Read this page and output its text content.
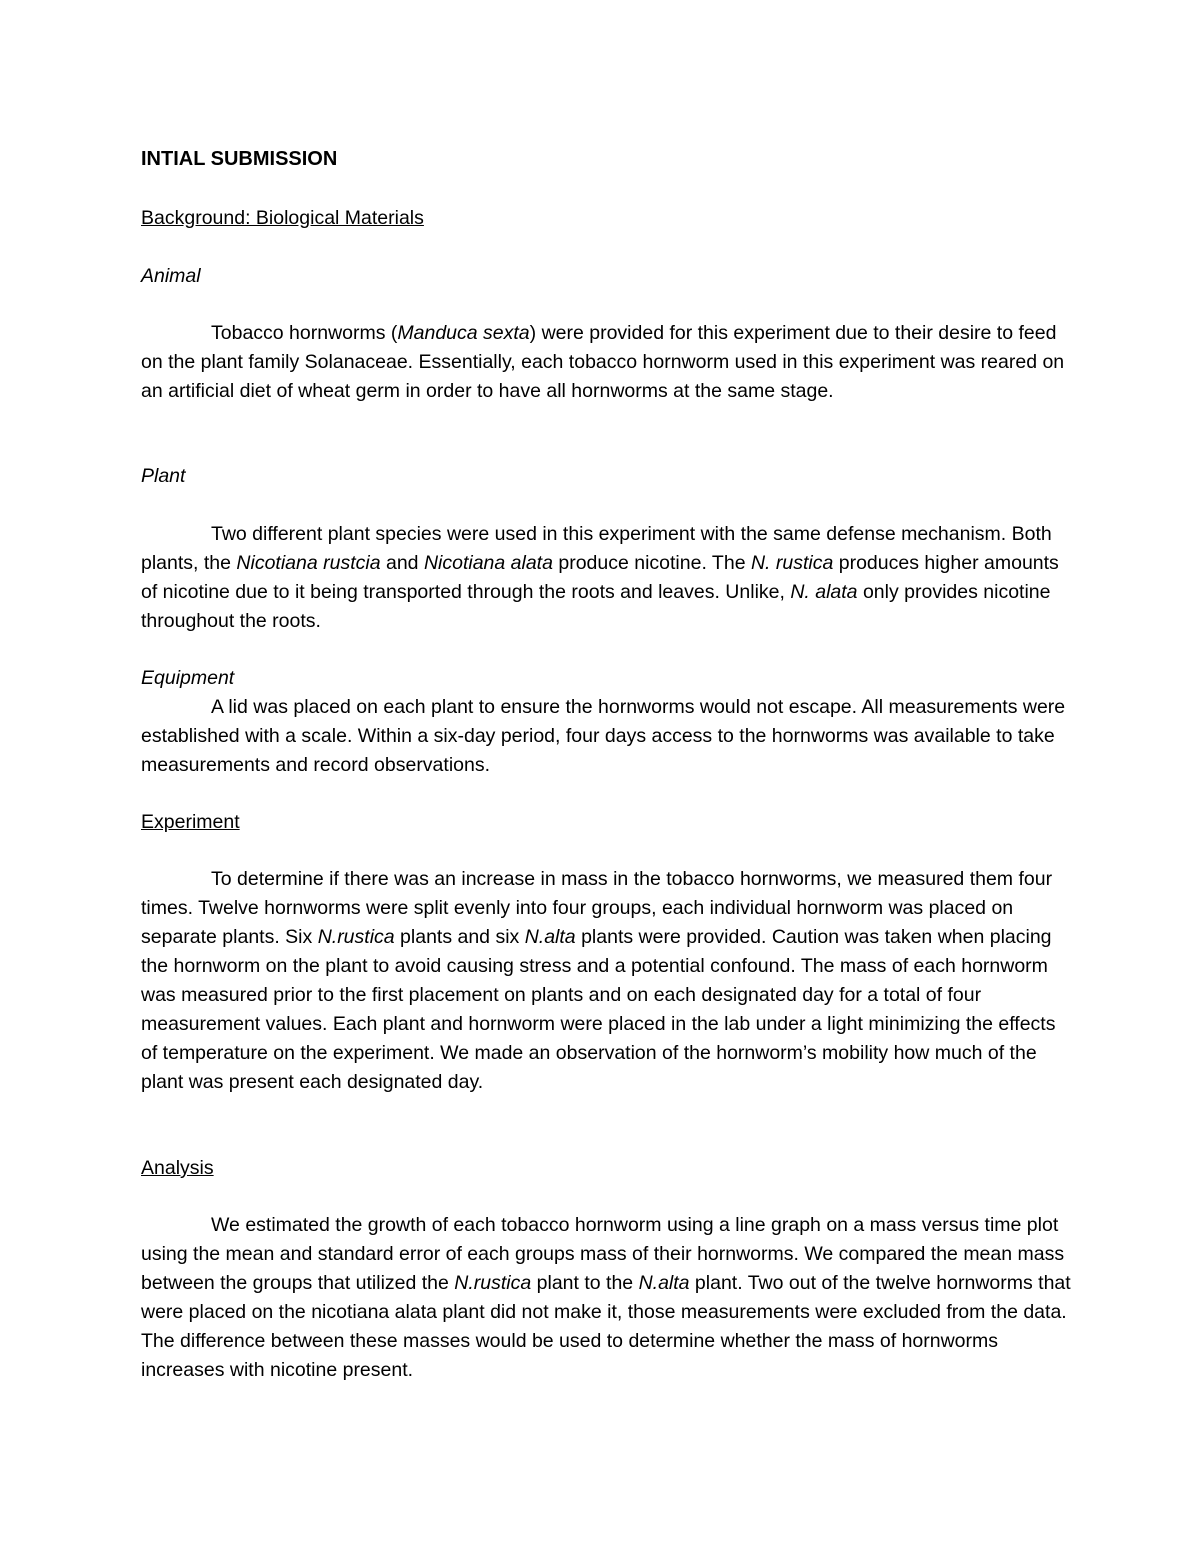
INTIAL SUBMISSION

Background: Biological Materials

Animal

Tobacco hornworms (Manduca sexta) were provided for this experiment due to their desire to feed on the plant family Solanaceae. Essentially, each tobacco hornworm used in this experiment was reared on an artificial diet of wheat germ in order to have all hornworms at the same stage.

Plant

Two different plant species were used in this experiment with the same defense mechanism. Both plants, the Nicotiana rustcia and Nicotiana alata produce nicotine. The N. rustica produces higher amounts of nicotine due to it being transported through the roots and leaves. Unlike, N. alata only provides nicotine throughout the roots.

Equipment

A lid was placed on each plant to ensure the hornworms would not escape. All measurements were established with a scale. Within a six-day period, four days access to the hornworms was available to take measurements and record observations.

Experiment

To determine if there was an increase in mass in the tobacco hornworms, we measured them four times. Twelve hornworms were split evenly into four groups, each individual hornworm was placed on separate plants. Six N.rustica plants and six N.alta plants were provided. Caution was taken when placing the hornworm on the plant to avoid causing stress and a potential confound. The mass of each hornworm was measured prior to the first placement on plants and on each designated day for a total of four measurement values. Each plant and hornworm were placed in the lab under a light minimizing the effects of temperature on the experiment. We made an observation of the hornworm’s mobility how much of the plant was present each designated day.

Analysis

We estimated the growth of each tobacco hornworm using a line graph on a mass versus time plot using the mean and standard error of each groups mass of their hornworms. We compared the mean mass between the groups that utilized the N.rustica plant to the N.alta plant. Two out of the twelve hornworms that were placed on the nicotiana alata plant did not make it, those measurements were excluded from the data. The difference between these masses would be used to determine whether the mass of hornworms increases with nicotine present.
